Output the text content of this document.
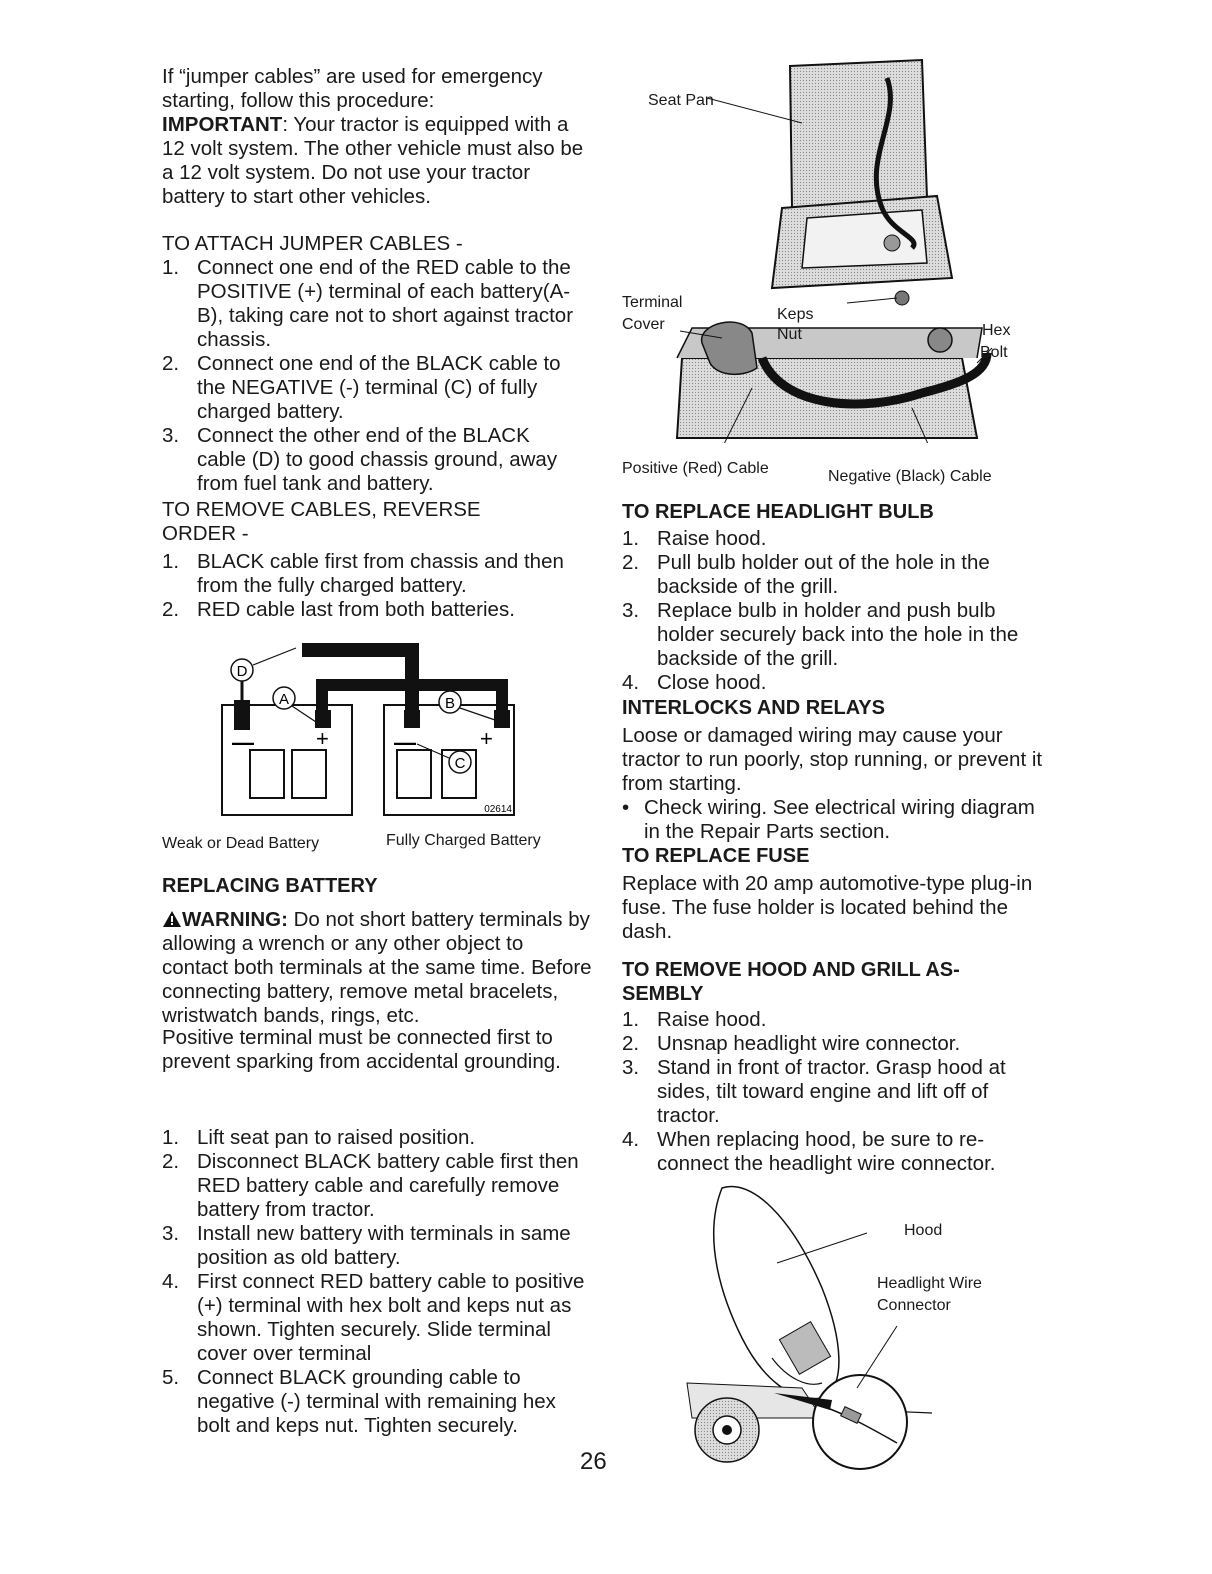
If “jumper cables” are used for emergency starting, follow this procedure:
IMPORTANT: Your tractor is equipped with a 12 volt system. The other vehicle must also be a 12 volt system. Do not use your tractor battery to start other vehicles.

TO ATTACH JUMPER CABLES -

1. Connect one end of the RED cable to the POSITIVE (+) terminal of each battery(A-B), taking care not to short against tractor chassis.
2. Connect one end of the BLACK cable to the NEGATIVE (-) terminal (C) of fully charged battery.
3. Connect the other end of the BLACK cable (D) to good chassis ground, away from fuel tank and battery.

TO REMOVE CABLES, REVERSE ORDER -

1. BLACK cable first from chassis and then from the fully charged battery.
2. RED cable last from both batteries.
D
A	B
C
—	+	—	+
02614
Weak or Dead Battery	Fully Charged Battery

REPLACING BATTERY

WARNING: Do not short battery terminals by allowing a wrench or any other object to contact both terminals at the same time. Before connecting battery, remove metal bracelets, wristwatch bands, rings, etc.

Positive terminal must be connected first to prevent sparking from accidental grounding.

1. Lift seat pan to raised position.
2. Disconnect BLACK battery cable first then RED battery cable and carefully remove battery from tractor.
3. Install new battery with terminals in same position as old battery.
4. First connect RED battery cable to positive (+) terminal with hex bolt and keps nut as shown. Tighten securely. Slide terminal cover over terminal
5. Connect BLACK grounding cable to negative (-) terminal with remaining hex bolt and keps nut. Tighten securely.
Seat Pan
Terminal
Cover
Keps
Nut	Hex
Bolt
Positive (Red) Cable	Negative (Black) Cable

TO REPLACE HEADLIGHT BULB

1. Raise hood.
2. Pull bulb holder out of the hole in the backside of the grill.
3. Replace bulb in holder and push bulb holder securely back into the hole in the backside of the grill.
4. Close hood.

INTERLOCKS AND RELAYS

Loose or damaged wiring may cause your tractor to run poorly, stop running, or prevent it from starting.

• Check wiring. See electrical wiring diagram in the Repair Parts section.

TO REPLACE FUSE

Replace with 20 amp automotive-type plug-in fuse. The fuse holder is located behind the dash.

TO REMOVE HOOD AND GRILL AS-SEMBLY

1. Raise hood.
2. Unsnap headlight wire connector.
3. Stand in front of tractor. Grasp hood at sides, tilt toward engine and lift off of tractor.
4. When replacing hood, be sure to re-connect the headlight wire connector.
Hood
Headlight Wire
Connector
26
